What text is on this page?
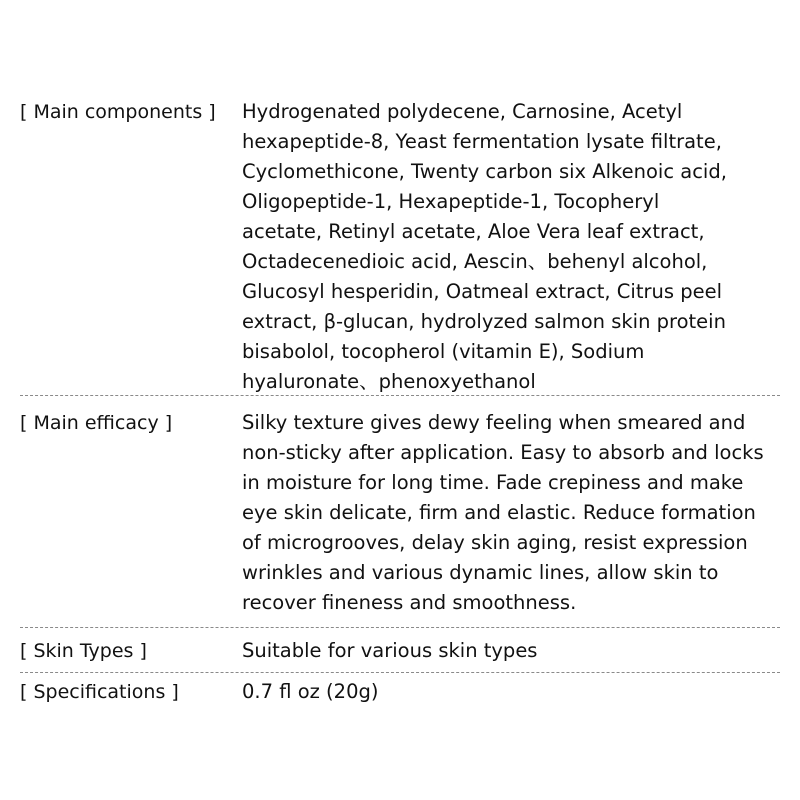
[ Main components ]	Hydrogenated polydecene, Carnosine, Acetyl
hexapeptide-8, Yeast fermentation lysate filtrate,
Cyclomethicone, Twenty carbon six Alkenoic acid,
Oligopeptide-1, Hexapeptide-1, Tocopheryl
acetate, Retinyl acetate, Aloe Vera leaf extract,
Octadecenedioic acid, Aescin、behenyl alcohol,
Glucosyl hesperidin, Oatmeal extract, Citrus peel
extract, β-glucan, hydrolyzed salmon skin protein
bisabolol, tocopherol (vitamin E), Sodium
hyaluronate、phenoxyethanol
[ Main efficacy ]	Silky texture gives dewy feeling when smeared and
non-sticky after application. Easy to absorb and locks
in moisture for long time. Fade crepiness and make
eye skin delicate, firm and elastic. Reduce formation
of microgrooves, delay skin aging, resist expression
wrinkles and various dynamic lines, allow skin to
recover fineness and smoothness.
[ Skin Types ]	Suitable for various skin types
[ Specifications ]	0.7 fl oz (20g)
